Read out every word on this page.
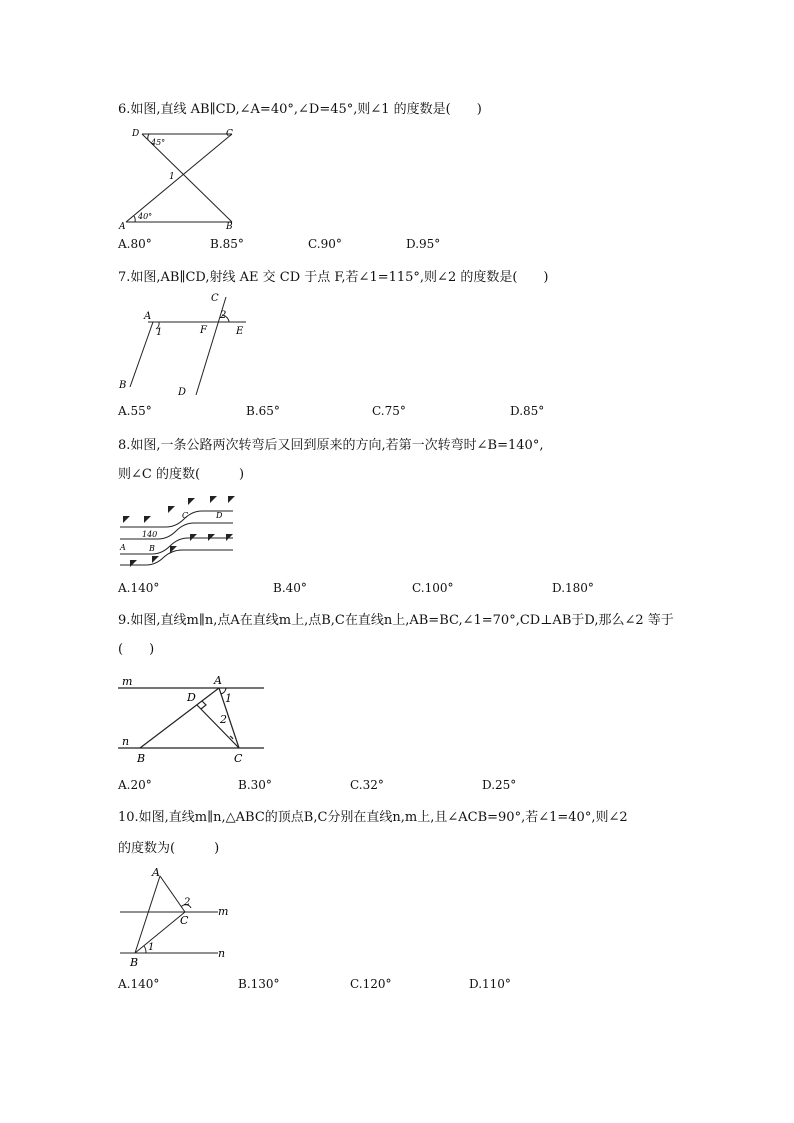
6.如图,直线 AB∥CD,∠A=40°,∠D=45°,则∠1 的度数是(　　)
D	C
A	B
1
45°
40°
A.80°	B.85°	C.90°	D.95°
7.如图,AB∥CD,射线 AE 交 CD 于点 F,若∠1=115°,则∠2 的度数是(　　)
A
C
F	E
B
D
1
2
A.55°	B.65°	C.75°	D.85°
8.如图,一条公路两次转弯后又回到原来的方向,若第一次转弯时∠B=140°,
则∠C 的度数(　　　)
A	B
C	D
140
A.140°	B.40°	C.100°	D.180°
9.如图,直线m∥n,点A在直线m上,点B,C在直线n上,AB=BC,∠1=70°,CD⊥AB于D,那么∠2 等于
(　　)
m
n
A
B	C
D	1
2
A.20°	B.30°	C.32°	D.25°
10.如图,直线m∥n,△ABC的顶点B,C分别在直线n,m上,且∠ACB=90°,若∠1=40°,则∠2
的度数为(　　　)
A
B
C
m
n
1
2
A.140°	B.130°	C.120°	D.110°
